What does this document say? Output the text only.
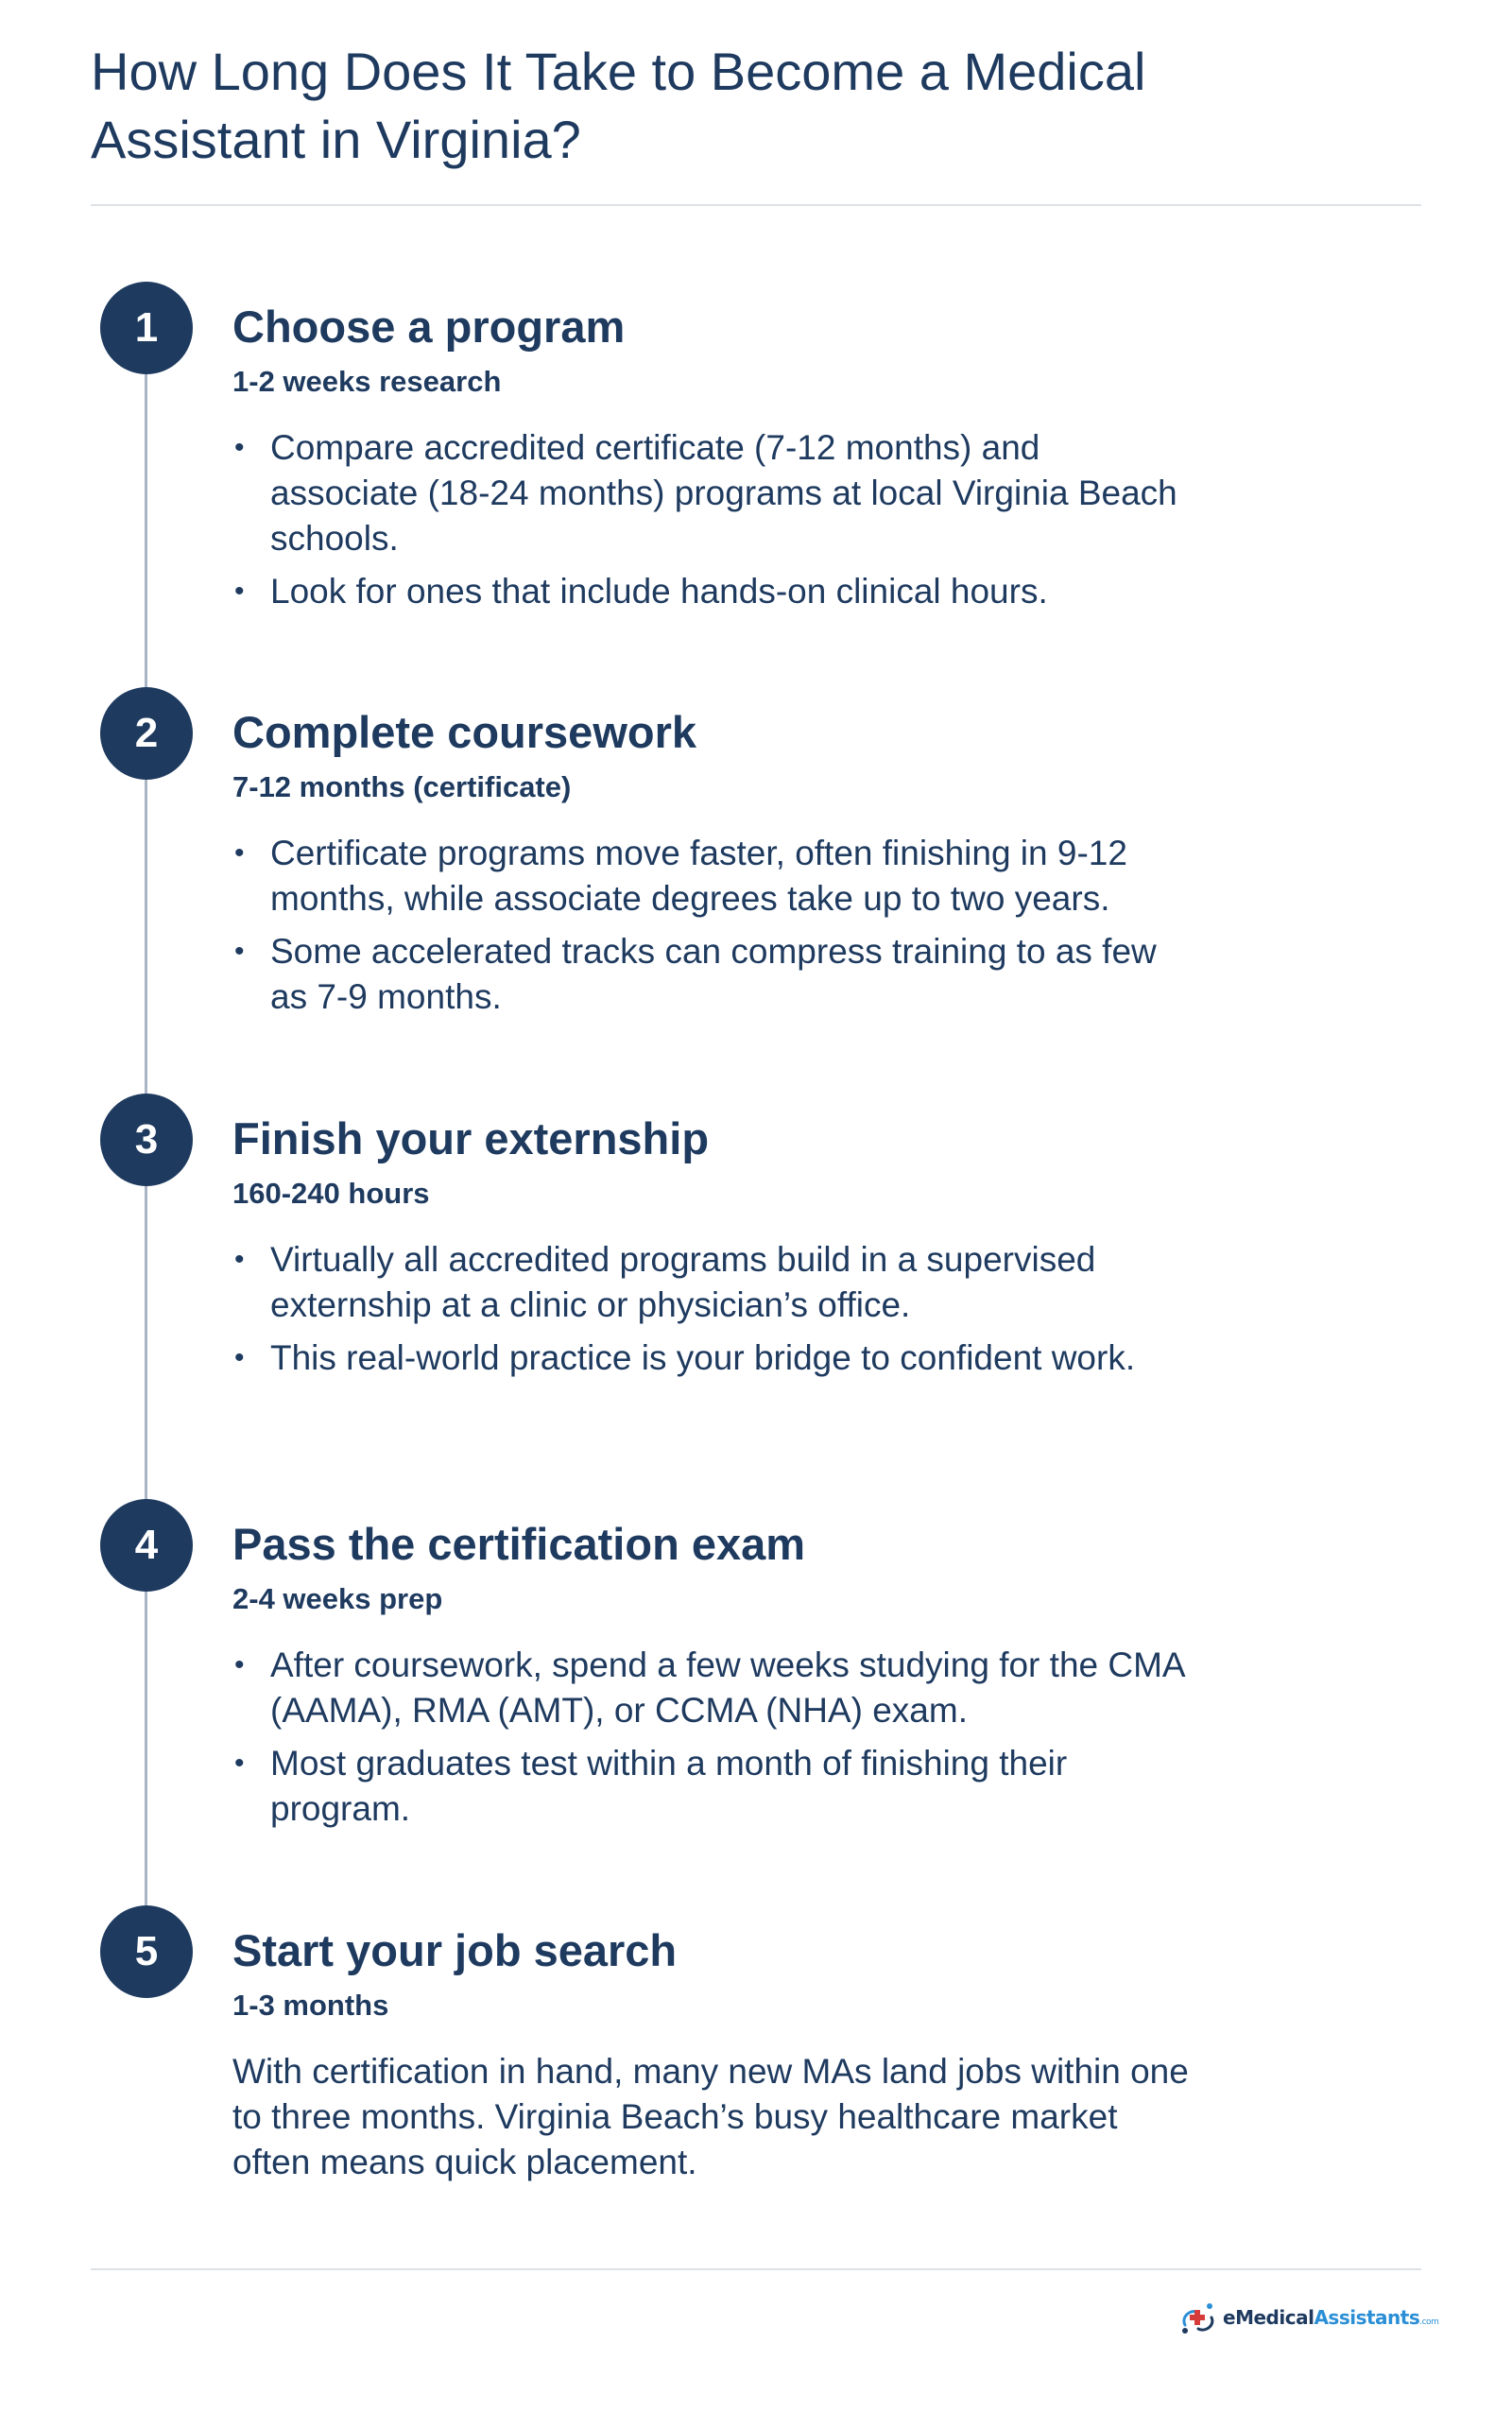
How Long Does It Take to Become a Medical Assistant in Virginia?
1	Choose a program

1-2 weeks research

• Compare accredited certificate (7-12 months) and associate (18-24 months) programs at local Virginia Beach schools.
• Look for ones that include hands-on clinical hours.
2	Complete coursework

7-12 months (certificate)

• Certificate programs move faster, often finishing in 9-12 months, while associate degrees take up to two years.
• Some accelerated tracks can compress training to as few as 7-9 months.
3	Finish your externship

160-240 hours

• Virtually all accredited programs build in a supervised externship at a clinic or physician’s office.
• This real-world practice is your bridge to confident work.
4	Pass the certification exam

2-4 weeks prep

• After coursework, spend a few weeks studying for the CMA (AAMA), RMA (AMT), or CCMA (NHA) exam.
• Most graduates test within a month of finishing their program.
5	Start your job search

1-3 months

With certification in hand, many new MAs land jobs within one to three months. Virginia Beach’s busy healthcare market often means quick placement.

eMedicalAssistants.com
